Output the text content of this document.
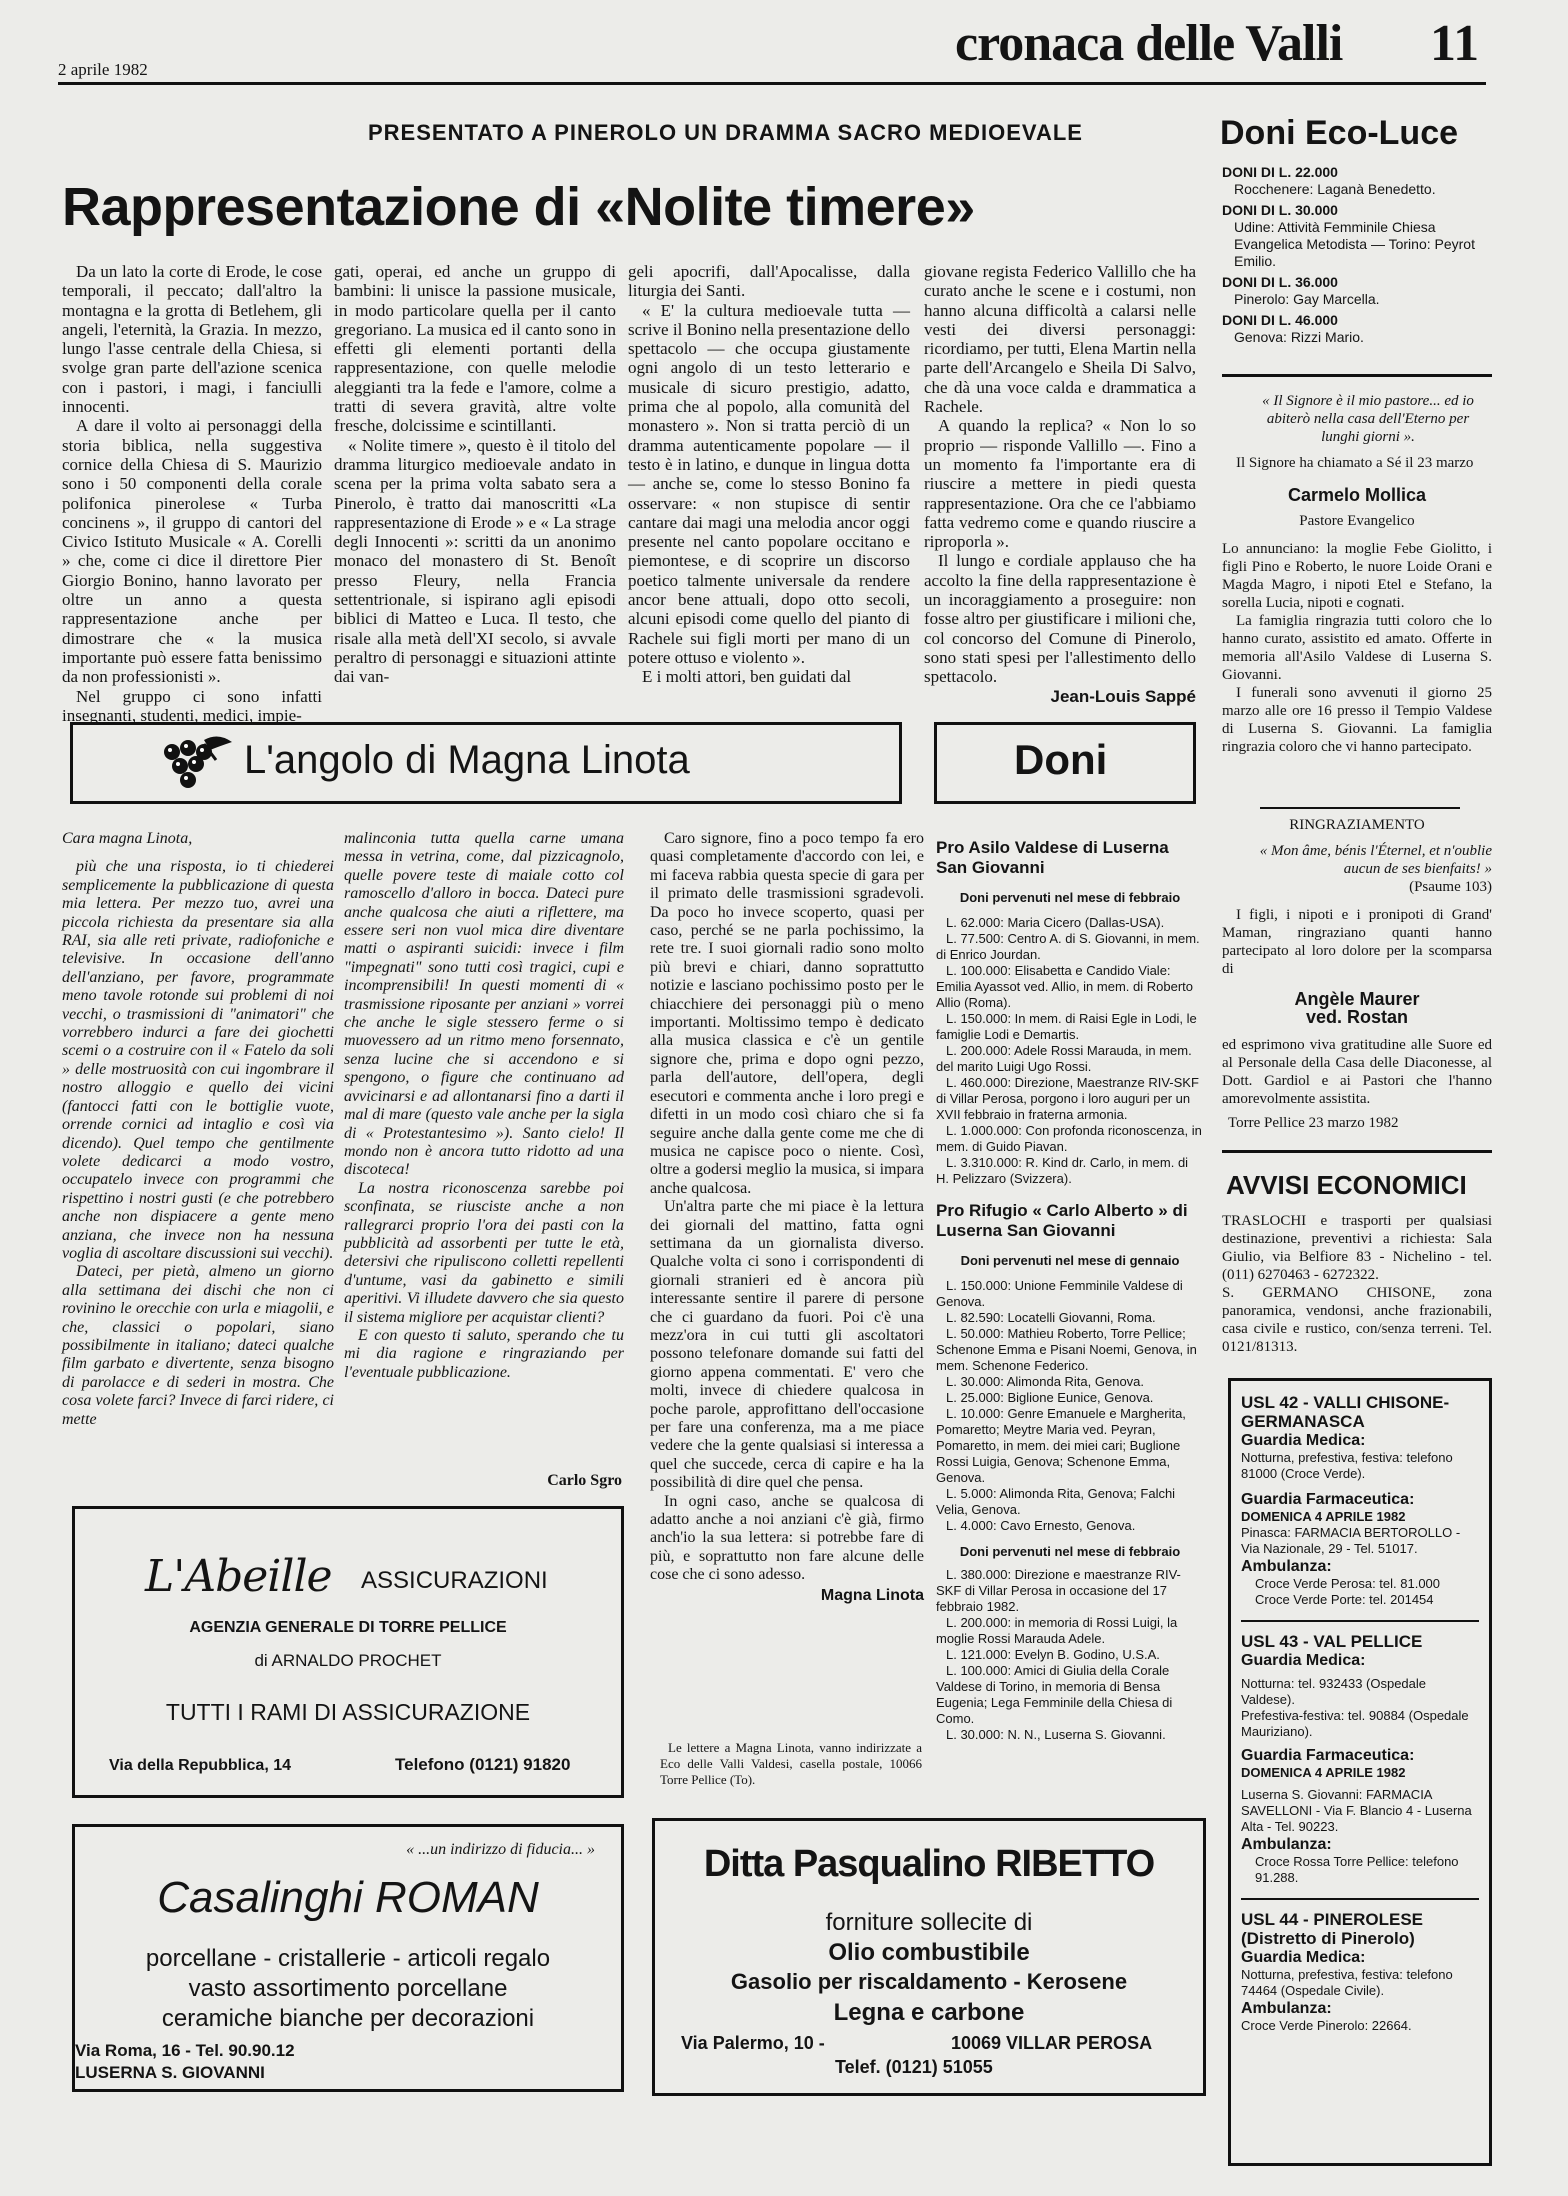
2 aprile 1982	cronaca delle Valli 11
PRESENTATO A PINEROLO UN DRAMMA SACRO MEDIOEVALE
Rappresentazione di «Nolite timere»

Da un lato la corte di Erode, le cose temporali, il peccato; dall'altro la montagna e la grotta di Betlehem, gli angeli, l'eternità, la Grazia. In mezzo, lungo l'asse centrale della Chiesa, si svolge gran parte dell'azione scenica con i pastori, i magi, i fanciulli innocenti.

A dare il volto ai personaggi della storia biblica, nella suggestiva cornice della Chiesa di S. Maurizio sono i 50 componenti della corale polifonica pinerolese « Turba concinens », il gruppo di cantori del Civico Istituto Musicale « A. Corelli » che, come ci dice il direttore Pier Giorgio Bonino, hanno lavorato per oltre un anno a questa rappresentazione anche per dimostrare che « la musica importante può essere fatta benissimo da non professionisti ».

Nel gruppo ci sono infatti insegnanti, studenti, medici, impie-

gati, operai, ed anche un gruppo di bambini: li unisce la passione musicale, in modo particolare quella per il canto gregoriano. La musica ed il canto sono in effetti gli elementi portanti della rappresentazione, con quelle melodie aleggianti tra la fede e l'amore, colme a tratti di severa gravità, altre volte fresche, dolcissime e scintillanti.

« Nolite timere », questo è il titolo del dramma liturgico medioevale andato in scena per la prima volta sabato sera a Pinerolo, è tratto dai manoscritti «La rappresentazione di Erode » e « La strage degli Innocenti »: scritti da un anonimo monaco del monastero di St. Benoît presso Fleury, nella Francia settentrionale, si ispirano agli episodi biblici di Matteo e Luca. Il testo, che risale alla metà dell'XI secolo, si avvale peraltro di personaggi e situazioni attinte dai van-

geli apocrifi, dall'Apocalisse, dalla liturgia dei Santi.

« E' la cultura medioevale tutta — scrive il Bonino nella presentazione dello spettacolo — che occupa giustamente ogni angolo di un testo letterario e musicale di sicuro prestigio, adatto, prima che al popolo, alla comunità del monastero ». Non si tratta perciò di un dramma autenticamente popolare — il testo è in latino, e dunque in lingua dotta — anche se, come lo stesso Bonino fa osservare: « non stupisce di sentir cantare dai magi una melodia ancor oggi presente nel canto popolare occitano e piemontese, e di scoprire un discorso poetico talmente universale da rendere ancor bene attuali, dopo otto secoli, alcuni episodi come quello del pianto di Rachele sui figli morti per mano di un potere ottuso e violento ».

E i molti attori, ben guidati dal

giovane regista Federico Vallillo che ha curato anche le scene e i costumi, non hanno alcuna difficoltà a calarsi nelle vesti dei diversi personaggi: ricordiamo, per tutti, Elena Martin nella parte dell'Arcangelo e Sheila Di Salvo, che dà una voce calda e drammatica a Rachele.

A quando la replica? « Non lo so proprio — risponde Vallillo —. Fino a un momento fa l'importante era di riuscire a mettere in piedi questa rappresentazione. Ora che ce l'abbiamo fatta vedremo come e quando riuscire a riproporla ».

Il lungo e cordiale applauso che ha accolto la fine della rappresentazione è un incoraggiamento a proseguire: non fosse altro per giustificare i milioni che, col concorso del Comune di Pinerolo, sono stati spesi per l'allestimento dello spettacolo.

Jean-Louis Sappé

Doni Eco-Luce
DONI DI L. 22.000
Rocchenere: Laganà Benedetto.
DONI DI L. 30.000
Udine: Attività Femminile Chiesa Evangelica Metodista — Torino: Peyrot Emilio.
DONI DI L. 36.000
Pinerolo: Gay Marcella.
DONI DI L. 46.000
Genova: Rizzi Mario.
« Il Signore è il mio pastore... ed io abiterò nella casa dell'Eterno per lunghi giorni ».
Il Signore ha chiamato a Sé il 23 marzo
Carmelo Mollica
Pastore Evangelico
Lo annunciano: la moglie Febe Giolitto, i figli Pino e Roberto, le nuore Loide Orani e Magda Magro, i nipoti Etel e Stefano, la sorella Lucia, nipoti e cognati.
La famiglia ringrazia tutti coloro che lo hanno curato, assistito ed amato. Offerte in memoria all'Asilo Valdese di Luserna S. Giovanni.
I funerali sono avvenuti il giorno 25 marzo alle ore 16 presso il Tempio Valdese di Luserna S. Giovanni. La famiglia ringrazia coloro che vi hanno partecipato.
RINGRAZIAMENTO
« Mon âme, bénis l'Éternel, et n'oublie aucun de ses bienfaits! »
(Psaume 103)
I figli, i nipoti e i pronipoti di Grand' Maman, ringraziano quanti hanno partecipato al loro dolore per la scomparsa di
Angèle Maurer
ved. Rostan
ed esprimono viva gratitudine alle Suore ed al Personale della Casa delle Diaconesse, al Dott. Gardiol e ai Pastori che l'hanno amorevolmente assistita.
Torre Pellice 23 marzo 1982
AVVISI ECONOMICI
TRASLOCHI e trasporti per qualsiasi destinazione, preventivi a richiesta: Sala Giulio, via Belfiore 83 - Nichelino - tel. (011) 6270463 - 6272322.
S. GERMANO CHISONE, zona panoramica, vendonsi, anche frazionabili, casa civile e rustico, con/senza terreni. Tel. 0121/81313.

USL 42 - VALLI CHISONE-GERMANASCA

Guardia Medica:

Notturna, prefestiva, festiva: telefono 81000 (Croce Verde).

Guardia Farmaceutica:

DOMENICA 4 APRILE 1982

Pinasca: FARMACIA BERTOROLLO - Via Nazionale, 29 - Tel. 51017.

Ambulanza:

Croce Verde Perosa: tel. 81.000

Croce Verde Porte: tel. 201454

USL 43 - VAL PELLICE

Guardia Medica:

Notturna: tel. 932433 (Ospedale Valdese).

Prefestiva-festiva: tel. 90884 (Ospedale Mauriziano).

Guardia Farmaceutica:

DOMENICA 4 APRILE 1982

Luserna S. Giovanni: FARMACIA SAVELLONI - Via F. Blancio 4 - Luserna Alta - Tel. 90223.

Ambulanza:

Croce Rossa Torre Pellice: telefono 91.288.

USL 44 - PINEROLESE (Distretto di Pinerolo)

Guardia Medica:

Notturna, prefestiva, festiva: telefono 74464 (Ospedale Civile).

Ambulanza:

Croce Verde Pinerolo: 22664.

L'angolo di Magna Linota

Cara magna Linota,

più che una risposta, io ti chiederei semplicemente la pubblicazione di questa mia lettera. Per mezzo tuo, avrei una piccola richiesta da presentare sia alla RAI, sia alle reti private, radiofoniche e televisive. In occasione dell'anno dell'anziano, per favore, programmate meno tavole rotonde sui problemi di noi vecchi, o trasmissioni di "animatori" che vorrebbero indurci a fare dei giochetti scemi o a costruire con il « Fatelo da soli » delle mostruosità con cui ingombrare il nostro alloggio e quello dei vicini (fantocci fatti con le bottiglie vuote, orrende cornici ad intaglio e così via dicendo). Quel tempo che gentilmente volete dedicarci a modo vostro, occupatelo invece con programmi che rispettino i nostri gusti (e che potrebbero anche non dispiacere a gente meno anziana, che invece non ha nessuna voglia di ascoltare discussioni sui vecchi).

Dateci, per pietà, almeno un giorno alla settimana dei dischi che non ci rovinino le orecchie con urla e miagolii, e che, classici o popolari, siano possibilmente in italiano; dateci qualche film garbato e divertente, senza bisogno di parolacce e di sederi in mostra. Che cosa volete farci? Invece di farci ridere, ci mette

malinconia tutta quella carne umana messa in vetrina, come, dal pizzicagnolo, quelle povere teste di maiale cotto col ramoscello d'alloro in bocca. Dateci pure anche qualcosa che aiuti a riflettere, ma essere seri non vuol mica dire diventare matti o aspiranti suicidi: invece i film "impegnati" sono tutti così tragici, cupi e incomprensibili! In questi momenti di « trasmissione riposante per anziani » vorrei che anche le sigle stessero ferme o si muovessero ad un ritmo meno forsennato, senza lucine che si accendono e si spengono, o figure che continuano ad avvicinarsi e ad allontanarsi fino a darti il mal di mare (questo vale anche per la sigla di « Protestantesimo »). Santo cielo! Il mondo non è ancora tutto ridotto ad una discoteca!

La nostra riconoscenza sarebbe poi sconfinata, se riusciste anche a non rallegrarci proprio l'ora dei pasti con la pubblicità ad assorbenti per tutte le età, detersivi che ripuliscono colletti repellenti d'untume, vasi da gabinetto e simili aperitivi. Vi illudete davvero che sia questo il sistema migliore per acquistar clienti?

E con questo ti saluto, sperando che tu mi dia ragione e ringraziando per l'eventuale pubblicazione.

Carlo Sgro

Caro signore, fino a poco tempo fa ero quasi completamente d'accordo con lei, e mi faceva rabbia questa specie di gara per il primato delle trasmissioni sgradevoli. Da poco ho invece scoperto, quasi per caso, perché se ne parla pochissimo, la rete tre. I suoi giornali radio sono molto più brevi e chiari, danno soprattutto notizie e lasciano pochissimo posto per le chiacchiere dei personaggi più o meno importanti. Moltissimo tempo è dedicato alla musica classica e c'è un gentile signore che, prima e dopo ogni pezzo, parla dell'autore, dell'opera, degli esecutori e commenta anche i loro pregi e difetti in un modo così chiaro che si fa seguire anche dalla gente come me che di musica ne capisce poco o niente. Così, oltre a godersi meglio la musica, si impara anche qualcosa.

Un'altra parte che mi piace è la lettura dei giornali del mattino, fatta ogni settimana da un giornalista diverso. Qualche volta ci sono i corrispondenti di giornali stranieri ed è ancora più interessante sentire il parere di persone che ci guardano da fuori. Poi c'è una mezz'ora in cui tutti gli ascoltatori possono telefonare domande sui fatti del giorno appena commentati. E' vero che molti, invece di chiedere qualcosa in poche parole, approfittano dell'occasione per fare una conferenza, ma a me piace vedere che la gente qualsiasi si interessa a quel che succede, cerca di capire e ha la possibilità di dire quel che pensa.

In ogni caso, anche se qualcosa di adatto anche a noi anziani c'è già, firmo anch'io la sua lettera: si potrebbe fare di più, e soprattutto non fare alcune delle cose che ci sono adesso.

Magna Linota

Le lettere a Magna Linota, vanno indirizzate a Eco delle Valli Valdesi, casella postale, 10066 Torre Pellice (To).
Doni
Pro Asilo Valdese di Luserna San Giovanni
Doni pervenuti nel mese di febbraio
L. 62.000: Maria Cicero (Dallas-USA).
L. 77.500: Centro A. di S. Giovanni, in mem. di Enrico Jourdan.
L. 100.000: Elisabetta e Candido Viale: Emilia Ayassot ved. Allio, in mem. di Roberto Allio (Roma).
L. 150.000: In mem. di Raisi Egle in Lodi, le famiglie Lodi e Demartis.
L. 200.000: Adele Rossi Marauda, in mem. del marito Luigi Ugo Rossi.
L. 460.000: Direzione, Maestranze RIV-SKF di Villar Perosa, porgono i loro auguri per un XVII febbraio in fraterna armonia.
L. 1.000.000: Con profonda riconoscenza, in mem. di Guido Piavan.
L. 3.310.000: R. Kind dr. Carlo, in mem. di H. Pelizzaro (Svizzera).
Pro Rifugio « Carlo Alberto » di Luserna San Giovanni
Doni pervenuti nel mese di gennaio
L. 150.000: Unione Femminile Valdese di Genova.
L. 82.590: Locatelli Giovanni, Roma.
L. 50.000: Mathieu Roberto, Torre Pellice; Schenone Emma e Pisani Noemi, Genova, in mem. Schenone Federico.
L. 30.000: Alimonda Rita, Genova.
L. 25.000: Biglione Eunice, Genova.
L. 10.000: Genre Emanuele e Margherita, Pomaretto; Meytre Maria ved. Peyran, Pomaretto, in mem. dei miei cari; Buglione Rossi Luigia, Genova; Schenone Emma, Genova.
L. 5.000: Alimonda Rita, Genova; Falchi Velia, Genova.
L. 4.000: Cavo Ernesto, Genova.
Doni pervenuti nel mese di febbraio
L. 380.000: Direzione e maestranze RIV-SKF di Villar Perosa in occasione del 17 febbraio 1982.
L. 200.000: in memoria di Rossi Luigi, la moglie Rossi Marauda Adele.
L. 121.000: Evelyn B. Godino, U.S.A.
L. 100.000: Amici di Giulia della Corale Valdese di Torino, in memoria di Bensa Eugenia; Lega Femminile della Chiesa di Como.
L. 30.000: N. N., Luserna S. Giovanni.
L'Abeille ASSICURAZIONI
AGENZIA GENERALE DI TORRE PELLICE
di ARNALDO PROCHET
TUTTI I RAMI DI ASSICURAZIONE
Via della Repubblica, 14	Telefono (0121) 91820
« ...un indirizzo di fiducia... »
Casalinghi ROMAN
porcellane - cristallerie - articoli regalo
vasto assortimento porcellane
ceramiche bianche per decorazioni
Via Roma, 16 - Tel. 90.90.12
LUSERNA S. GIOVANNI
Ditta Pasqualino RIBETTO
forniture sollecite di
Olio combustibile
Gasolio per riscaldamento - Kerosene
Legna e carbone
Via Palermo, 10 -	10069 VILLAR PEROSA
Telef. (0121) 51055
